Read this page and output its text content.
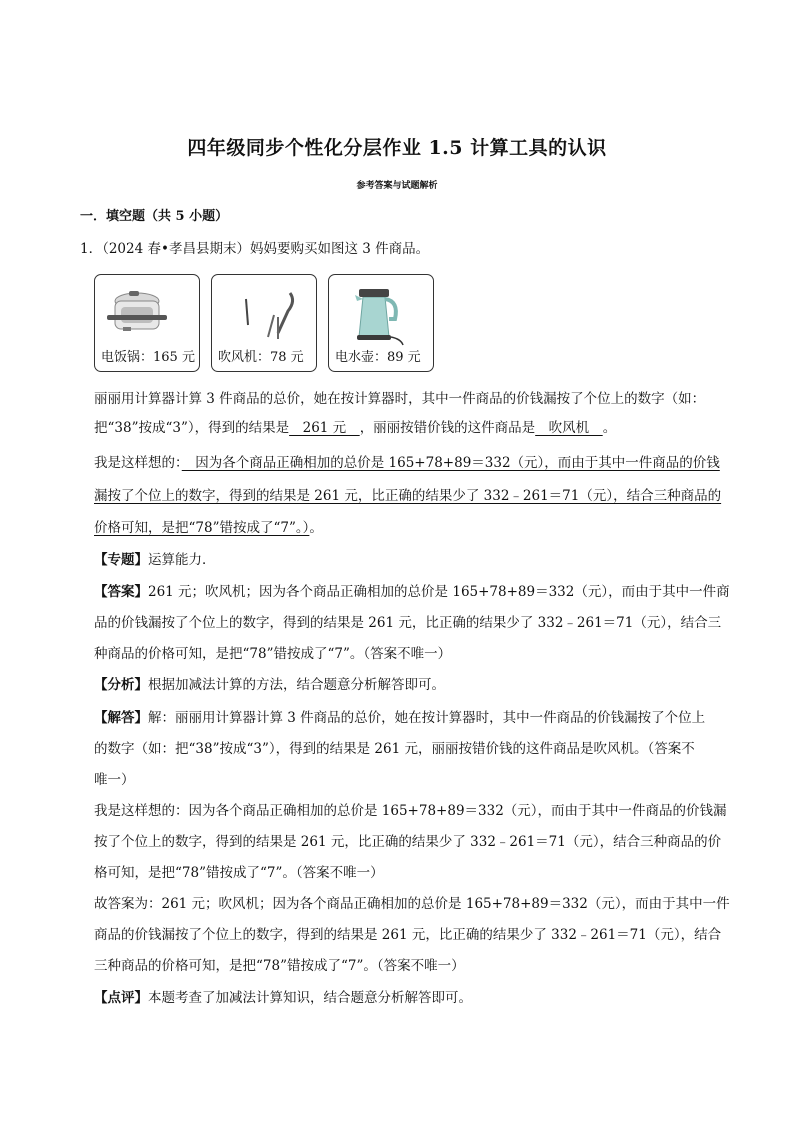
四年级同步个性化分层作业 1.5 计算工具的认识
参考答案与试题解析
一．填空题（共 5 小题）
1．（2024 春•孝昌县期末）妈妈要购买如图这 3 件商品。
电饭锅：165 元 吹风机：78 元 电水壶：89 元
丽丽用计算器计算 3 件商品的总价，她在按计算器时，其中一件商品的价钱漏按了个位上的数字（如：
把“38”按成“3”），得到的结果是　261 元　，丽丽按错价钱的这件商品是　吹风机　。
我是这样想的：　因为各个商品正确相加的总价是 165+78+89＝332（元），而由于其中一件商品的价钱
漏按了个位上的数字，得到的结果是 261 元，比正确的结果少了 332﹣261＝71（元），结合三种商品的
价格可知，是把“78”错按成了“7”。）。
【专题】运算能力．
【答案】261 元；吹风机；因为各个商品正确相加的总价是 165+78+89＝332（元），而由于其中一件商
品的价钱漏按了个位上的数字，得到的结果是 261 元，比正确的结果少了 332﹣261＝71（元），结合三
种商品的价格可知，是把“78”错按成了“7”。（答案不唯一）
【分析】根据加减法计算的方法，结合题意分析解答即可。
【解答】解：丽丽用计算器计算 3 件商品的总价，她在按计算器时，其中一件商品的价钱漏按了个位上
的数字（如：把“38”按成“3”），得到的结果是 261 元，丽丽按错价钱的这件商品是吹风机。（答案不
唯一）
我是这样想的：因为各个商品正确相加的总价是 165+78+89＝332（元），而由于其中一件商品的价钱漏
按了个位上的数字，得到的结果是 261 元，比正确的结果少了 332﹣261＝71（元），结合三种商品的价
格可知，是把“78”错按成了“7”。（答案不唯一）
故答案为：261 元；吹风机；因为各个商品正确相加的总价是 165+78+89＝332（元），而由于其中一件
商品的价钱漏按了个位上的数字，得到的结果是 261 元，比正确的结果少了 332﹣261＝71（元），结合
三种商品的价格可知，是把“78”错按成了“7”。（答案不唯一）
【点评】本题考查了加减法计算知识，结合题意分析解答即可。
